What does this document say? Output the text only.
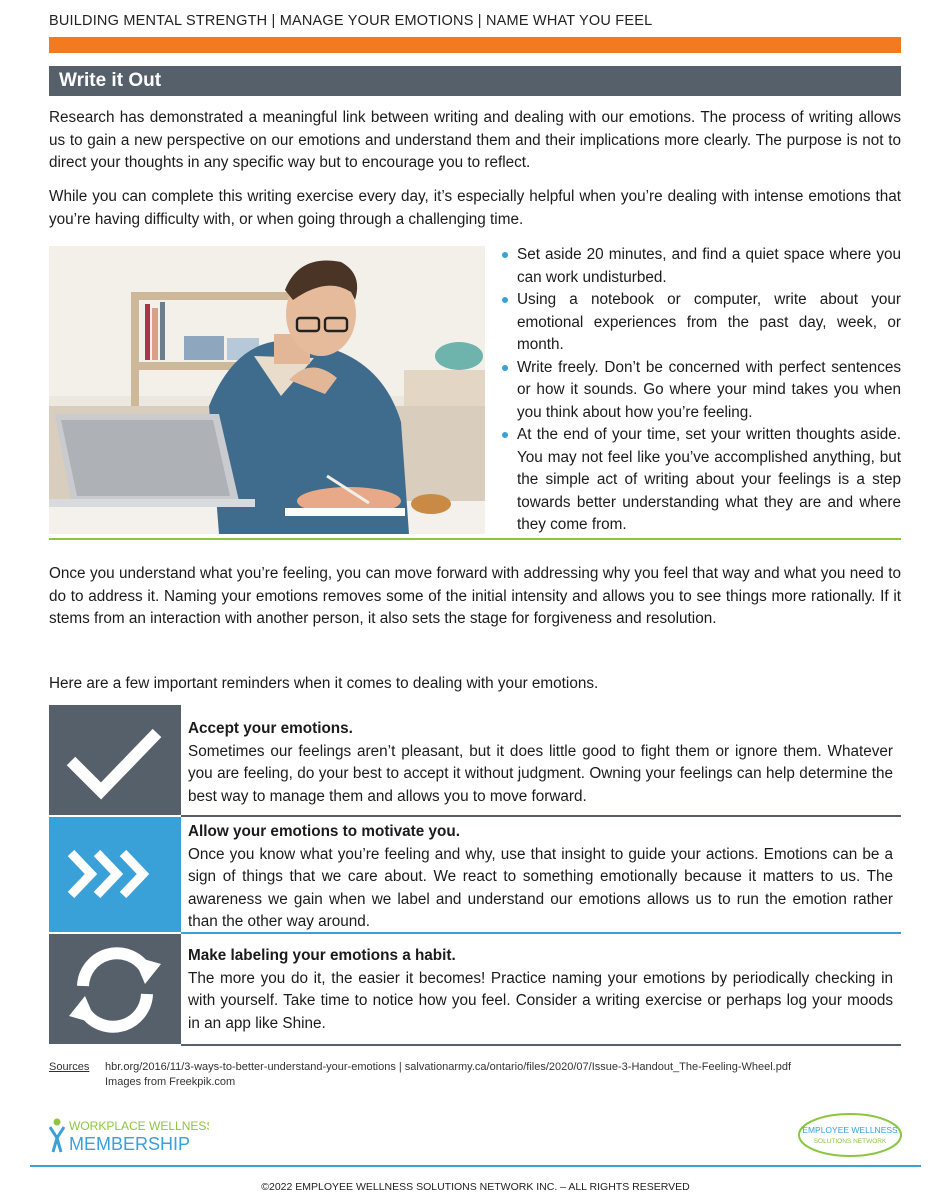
BUILDING MENTAL STRENGTH | MANAGE YOUR EMOTIONS | NAME WHAT YOU FEEL
Write it Out

Research has demonstrated a meaningful link between writing and dealing with our emotions. The process of writing allows us to gain a new perspective on our emotions and understand them and their implications more clearly. The purpose is not to direct your thoughts in any specific way but to encourage you to reflect.

While you can complete this writing exercise every day, it’s especially helpful when you’re dealing with intense emotions that you’re having difficulty with, or when going through a challenging time.

Set aside 20 minutes, and find a quiet space where you can work undisturbed.
Using a notebook or computer, write about your emotional experiences from the past day, week, or month.
Write freely. Don’t be concerned with perfect sentences or how it sounds. Go where your mind takes you when you think about how you’re feeling.
At the end of your time, set your written thoughts aside. You may not feel like you’ve accomplished anything, but the simple act of writing about your feelings is a step towards better understanding what they are and where they come from.

Once you understand what you’re feeling, you can move forward with addressing why you feel that way and what you need to do to address it. Naming your emotions removes some of the initial intensity and allows you to see things more rationally. If it stems from an interaction with another person, it also sets the stage for forgiveness and resolution.

Here are a few important reminders when it comes to dealing with your emotions.

Accept your emotions.
Sometimes our feelings aren’t pleasant, but it does little good to fight them or ignore them. Whatever you are feeling, do your best to accept it without judgment. Owning your feelings can help determine the best way to manage them and allows you to move forward.
Allow your emotions to motivate you.
Once you know what you’re feeling and why, use that insight to guide your actions. Emotions can be a sign of things that we care about. We react to something emotionally because it matters to us. The awareness we gain when we label and understand our emotions allows us to run the emotion rather than the other way around.
Make labeling your emotions a habit.
The more you do it, the easier it becomes! Practice naming your emotions by periodically checking in with yourself. Take time to notice how you feel. Consider a writing exercise or perhaps log your moods in an app like Shine.
Sources hbr.org/2016/11/3-ways-to-better-understand-your-emotions | salvationarmy.ca/ontario/files/2020/07/Issue-3-Handout_The-Feeling-Wheel.pdf
Images from Freekpik.com
WORKPLACE WELLNESS
MEMBERSHIP
EMPLOYEE WELLNESS
SOLUTIONS NETWORK
©2022 EMPLOYEE WELLNESS SOLUTIONS NETWORK INC. – ALL RIGHTS RESERVED
